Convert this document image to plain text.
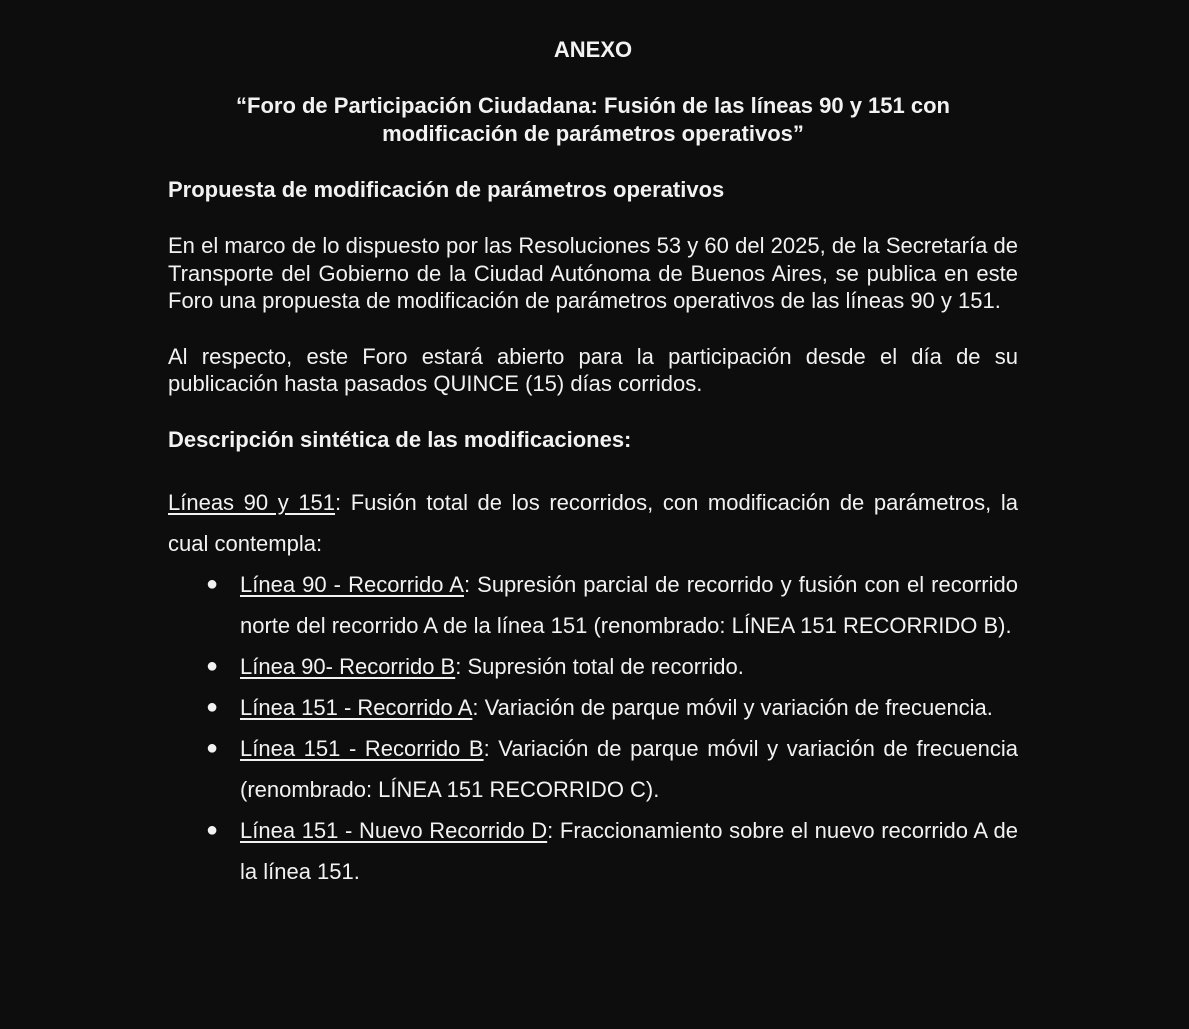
ANEXO

“Foro de Participación Ciudadana: Fusión de las líneas 90 y 151 con
modificación de parámetros operativos”

Propuesta de modificación de parámetros operativos

En el marco de lo dispuesto por las Resoluciones 53 y 60 del 2025, de la Secretaría de Transporte del Gobierno de la Ciudad Autónoma de Buenos Aires, se publica en este Foro una propuesta de modificación de parámetros operativos de las líneas 90 y 151.

Al respecto, este Foro estará abierto para la participación desde el día de su publicación hasta pasados QUINCE (15) días corridos.

Descripción sintética de las modificaciones:

Líneas 90 y 151: Fusión total de los recorridos, con modificación de parámetros, la cual contempla:

● Línea 90 - Recorrido A: Supresión parcial de recorrido y fusión con el recorrido norte del recorrido A de la línea 151 (renombrado: LÍNEA 151 RECORRIDO B).
● Línea 90- Recorrido B: Supresión total de recorrido.
● Línea 151 - Recorrido A: Variación de parque móvil y variación de frecuencia.
● Línea 151 - Recorrido B: Variación de parque móvil y variación de frecuencia (renombrado: LÍNEA 151 RECORRIDO C).
● Línea 151 - Nuevo Recorrido D: Fraccionamiento sobre el nuevo recorrido A de la línea 151.
